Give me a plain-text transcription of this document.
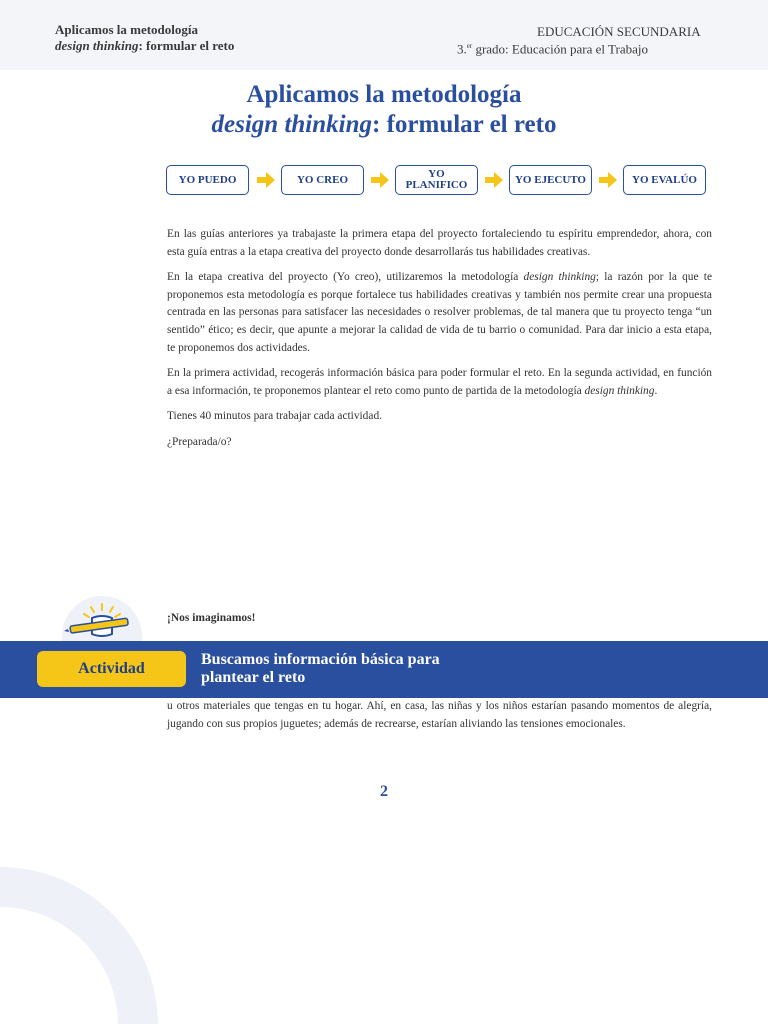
Aplicamos la metodología
design thinking: formular el reto
EDUCACIÓN SECUNDARIA
3.$^{er}$ grado: Educación para el Trabajo
Aplicamos la metodología
design thinking: formular el reto
YO PUEDO	YO CREO	YO
PLANIFICO	YO EJECUTO	YO EVALÚO

En las guías anteriores ya trabajaste la primera etapa del proyecto fortaleciendo tu espíritu emprendedor, ahora, con esta guía entras a la etapa creativa del proyecto donde desarrollarás tus habilidades creativas.

En la etapa creativa del proyecto (Yo creo), utilizaremos la metodología design thinking; la razón por la que te proponemos esta metodología es porque fortalece tus habilidades creativas y también nos permite crear una propuesta centrada en las personas para satisfacer las necesidades o resolver problemas, de tal manera que tu proyecto tenga “un sentido” ético; es decir, que apunte a mejorar la calidad de vida de tu barrio o comunidad. Para dar inicio a esta etapa, te proponemos dos actividades.

En la primera actividad, recogerás información básica para poder formular el reto. En la segunda actividad, en función a esa información, te proponemos plantear el reto como punto de partida de la metodología design thinking.

Tienes 40 minutos para trabajar cada actividad.

¿Preparada/o?

¡Nos imaginamos!
Actividad
Buscamos información básica para
plantear el reto

u otros materiales que tengas en tu hogar. Ahí, en casa, las niñas y los niños estarían pasando momentos de alegría, jugando con sus propios juguetes; además de recrearse, estarían aliviando las tensiones emocionales.

2
